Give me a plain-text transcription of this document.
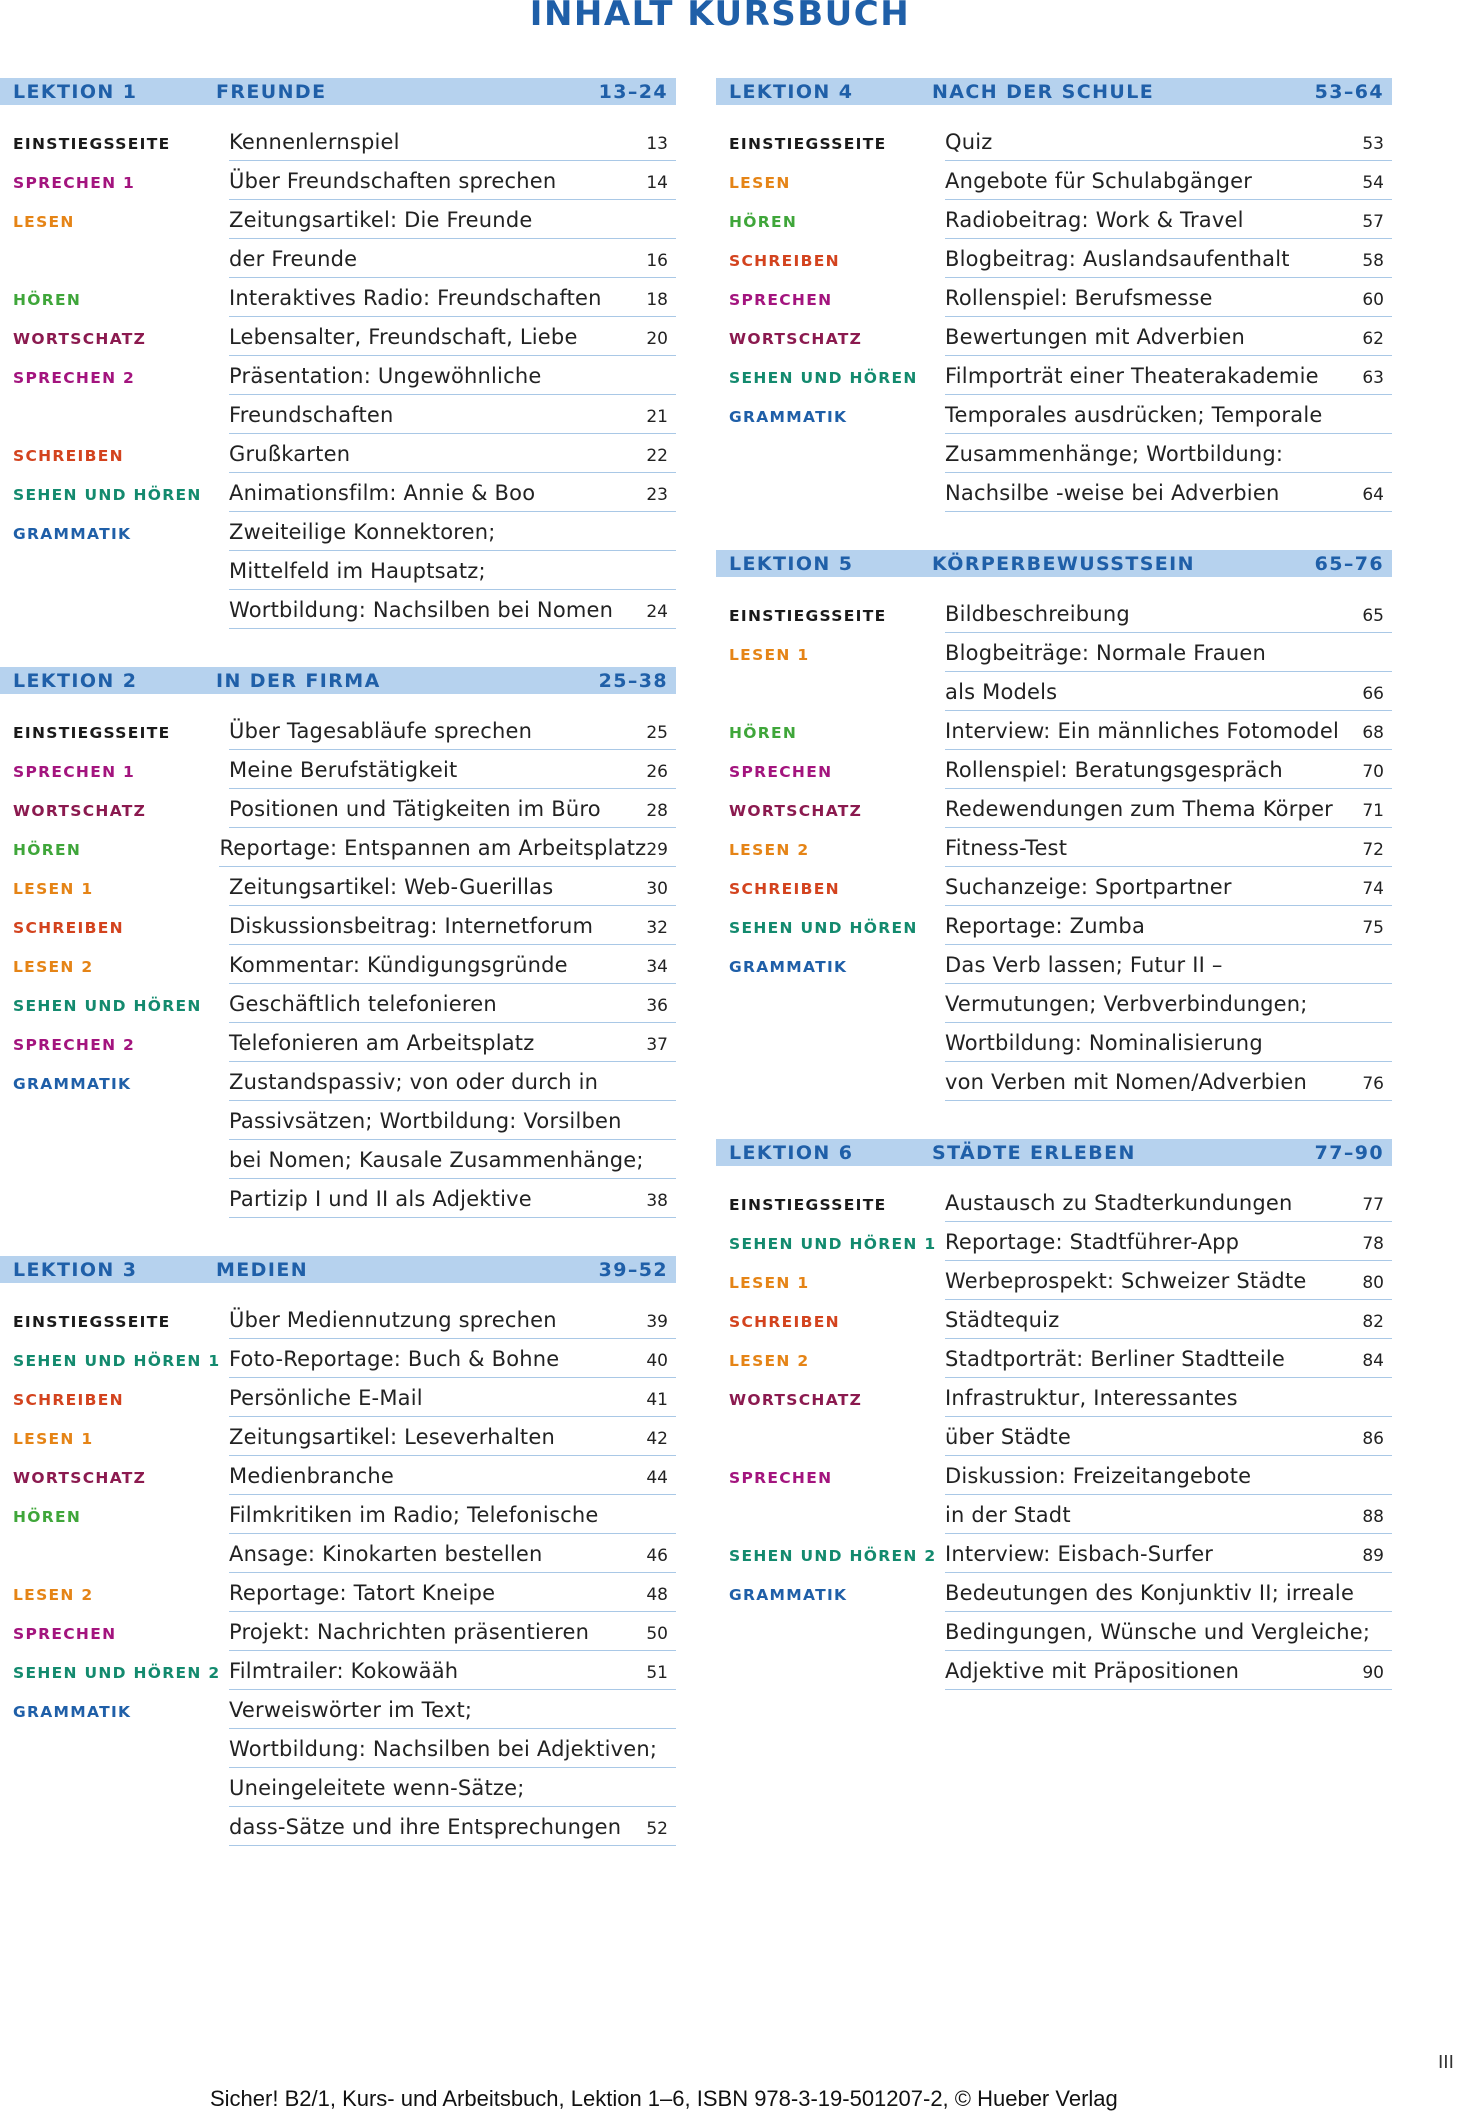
INHALT KURSBUCH
LEKTION 1	FREUNDE	13–24
EINSTIEGSSEITE	Kennenlernspiel	13
SPRECHEN 1	Über Freundschaften sprechen	14
LESEN	Zeitungsartikel: Die Freunde
der Freunde	16
HÖREN	Interaktives Radio: Freundschaften	18
WORTSCHATZ	Lebensalter, Freundschaft, Liebe	20
SPRECHEN 2	Präsentation: Ungewöhnliche
Freundschaften	21
SCHREIBEN	Grußkarten	22
SEHEN UND HÖREN	Animationsfilm: Annie & Boo	23
GRAMMATIK	Zweiteilige Konnektoren;
Mittelfeld im Hauptsatz;
Wortbildung: Nachsilben bei Nomen	24
LEKTION 2	IN DER FIRMA	25–38
EINSTIEGSSEITE	Über Tagesabläufe sprechen	25
SPRECHEN 1	Meine Berufstätigkeit	26
WORTSCHATZ	Positionen und Tätigkeiten im Büro	28
HÖREN	Reportage: Entspannen am Arbeitsplatz 29
LESEN 1	Zeitungsartikel: Web-Guerillas	30
SCHREIBEN	Diskussionsbeitrag: Internetforum	32
LESEN 2	Kommentar: Kündigungsgründe	34
SEHEN UND HÖREN	Geschäftlich telefonieren	36
SPRECHEN 2	Telefonieren am Arbeitsplatz	37
GRAMMATIK	Zustandspassiv; von oder durch in
Passivsätzen; Wortbildung: Vorsilben
bei Nomen; Kausale Zusammenhänge;
Partizip I und II als Adjektive	38
LEKTION 3	MEDIEN	39–52
EINSTIEGSSEITE	Über Mediennutzung sprechen	39
SEHEN UND HÖREN 1 Foto-Reportage: Buch & Bohne	40
SCHREIBEN	Persönliche E-Mail	41
LESEN 1	Zeitungsartikel: Leseverhalten	42
WORTSCHATZ	Medienbranche	44
HÖREN	Filmkritiken im Radio; Telefonische
Ansage: Kinokarten bestellen	46
LESEN 2	Reportage: Tatort Kneipe	48
SPRECHEN	Projekt: Nachrichten präsentieren	50
SEHEN UND HÖREN 2 Filmtrailer: Kokowääh	51
GRAMMATIK	Verweiswörter im Text;
Wortbildung: Nachsilben bei Adjektiven;
Uneingeleitete wenn-Sätze;
dass-Sätze und ihre Entsprechungen	52
LEKTION 4	NACH DER SCHULE	53–64
EINSTIEGSSEITE	Quiz	53
LESEN	Angebote für Schulabgänger	54
HÖREN	Radiobeitrag: Work & Travel	57
SCHREIBEN	Blogbeitrag: Auslandsaufenthalt	58
SPRECHEN	Rollenspiel: Berufsmesse	60
WORTSCHATZ	Bewertungen mit Adverbien	62
SEHEN UND HÖREN	Filmporträt einer Theaterakademie	63
GRAMMATIK	Temporales ausdrücken; Temporale
Zusammenhänge; Wortbildung:
Nachsilbe -weise bei Adverbien	64
LEKTION 5	KÖRPERBEWUSSTSEIN	65–76
EINSTIEGSSEITE	Bildbeschreibung	65
LESEN 1	Blogbeiträge: Normale Frauen
als Models	66
HÖREN	Interview: Ein männliches Fotomodel	68
SPRECHEN	Rollenspiel: Beratungsgespräch	70
WORTSCHATZ	Redewendungen zum Thema Körper	71
LESEN 2	Fitness-Test	72
SCHREIBEN	Suchanzeige: Sportpartner	74
SEHEN UND HÖREN	Reportage: Zumba	75
GRAMMATIK	Das Verb lassen; Futur II –
Vermutungen; Verbverbindungen;
Wortbildung: Nominalisierung
von Verben mit Nomen/Adverbien	76
LEKTION 6	STÄDTE ERLEBEN	77–90
EINSTIEGSSEITE	Austausch zu Stadterkundungen	77
SEHEN UND HÖREN 1 Reportage: Stadtführer-App	78
LESEN 1	Werbeprospekt: Schweizer Städte	80
SCHREIBEN	Städtequiz	82
LESEN 2	Stadtporträt: Berliner Stadtteile	84
WORTSCHATZ	Infrastruktur, Interessantes
über Städte	86
SPRECHEN	Diskussion: Freizeitangebote
in der Stadt	88
SEHEN UND HÖREN 2 Interview: Eisbach-Surfer	89
GRAMMATIK	Bedeutungen des Konjunktiv II; irreale
Bedingungen, Wünsche und Vergleiche;
Adjektive mit Präpositionen	90
III
Sicher! B2/1, Kurs- und Arbeitsbuch, Lektion 1–6, ISBN 978-3-19-501207-2, © Hueber Verlag
